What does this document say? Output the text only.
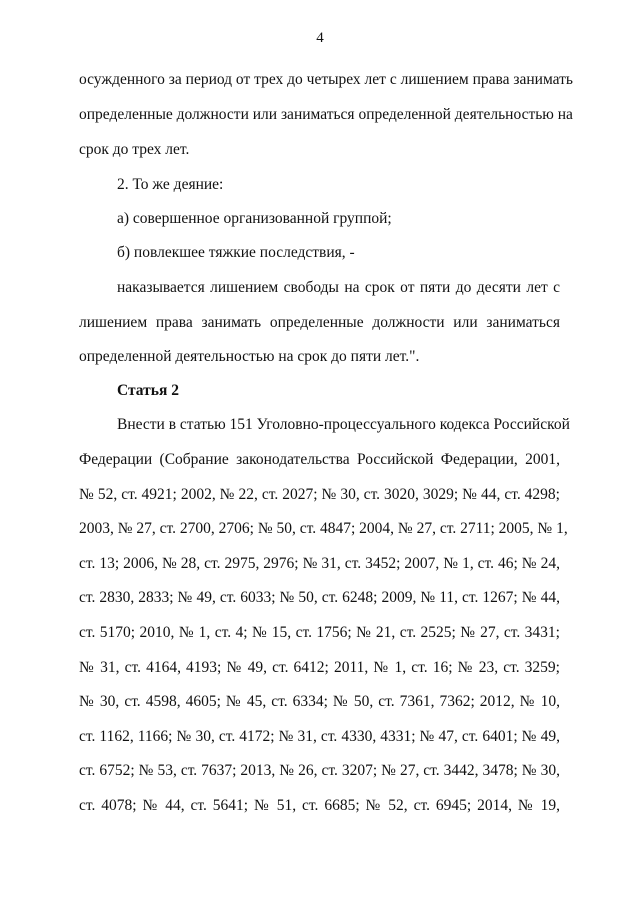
4
осужденного за период от трех до четырех лет с лишением права занимать
определенные должности или заниматься определенной деятельностью на
срок до трех лет.
2. То же деяние:
а) совершенное организованной группой;
б) повлекшее тяжкие последствия, -
наказывается лишением свободы на срок от пяти до десяти лет с
лишением права занимать определенные должности или заниматься
определенной деятельностью на срок до пяти лет.".
Статья 2
Внести в статью 151 Уголовно-процессуального кодекса Российской
Федерации (Собрание законодательства Российской Федерации, 2001,
№ 52, ст. 4921; 2002, № 22, ст. 2027; № 30, ст. 3020, 3029; № 44, ст. 4298;
2003, № 27, ст. 2700, 2706; № 50, ст. 4847; 2004, № 27, ст. 2711; 2005, № 1,
ст. 13; 2006, № 28, ст. 2975, 2976; № 31, ст. 3452; 2007, № 1, ст. 46; № 24,
ст. 2830, 2833; № 49, ст. 6033; № 50, ст. 6248; 2009, № 11, ст. 1267; № 44,
ст. 5170; 2010, № 1, ст. 4; № 15, ст. 1756; № 21, ст. 2525; № 27, ст. 3431;
№ 31, ст. 4164, 4193; № 49, ст. 6412; 2011, № 1, ст. 16; № 23, ст. 3259;
№ 30, ст. 4598, 4605; № 45, ст. 6334; № 50, ст. 7361, 7362; 2012, № 10,
ст. 1162, 1166; № 30, ст. 4172; № 31, ст. 4330, 4331; № 47, ст. 6401; № 49,
ст. 6752; № 53, ст. 7637; 2013, № 26, ст. 3207; № 27, ст. 3442, 3478; № 30,
ст. 4078; № 44, ст. 5641; № 51, ст. 6685; № 52, ст. 6945; 2014, № 19,
